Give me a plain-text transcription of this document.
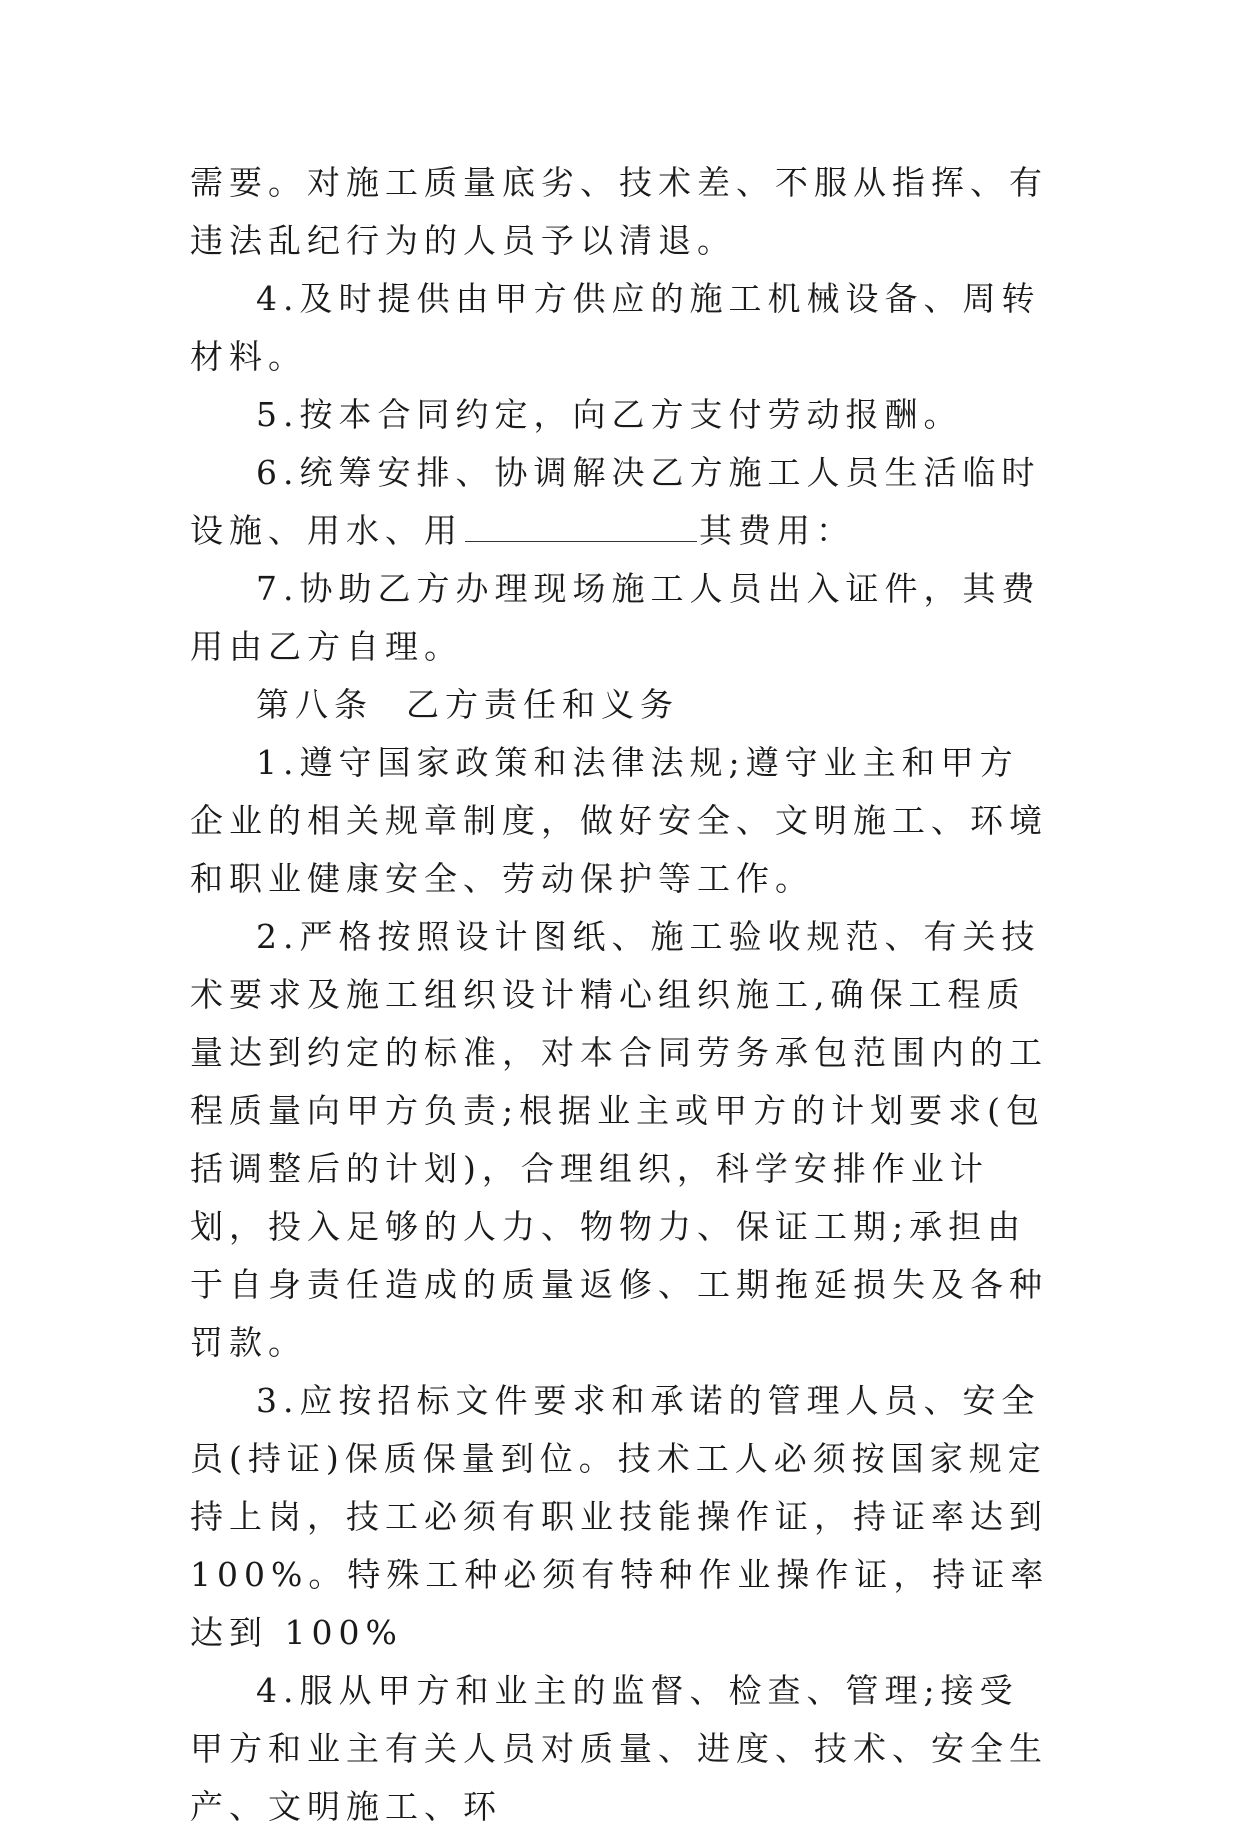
需要。对施工质量底劣、技术差、不服从指挥、有违法乱纪行为的人员予以清退。

4.及时提供由甲方供应的施工机械设备、周转材料。

5.按本合同约定，向乙方支付劳动报酬。

6.统筹安排、协调解决乙方施工人员生活临时设施、用水、用	其费用：

7.协助乙方办理现场施工人员出入证件，其费用由乙方自理。

第八条  乙方责任和义务

1.遵守国家政策和法律法规;遵守业主和甲方企业的相关规章制度，做好安全、文明施工、环境和职业健康安全、劳动保护等工作。

2.严格按照设计图纸、施工验收规范、有关技术要求及施工组织设计精心组织施工,确保工程质量达到约定的标准，对本合同劳务承包范围内的工程质量向甲方负责;根据业主或甲方的计划要求(包括调整后的计划)，合理组织，科学安排作业计划，投入足够的人力、物物力、保证工期;承担由于自身责任造成的质量返修、工期拖延损失及各种罚款。

3.应按招标文件要求和承诺的管理人员、安全员(持证)保质保量到位。技术工人必须按国家规定持上岗，技工必须有职业技能操作证，持证率达到 100%。特殊工种必须有特种作业操作证，持证率达到 100%

4.服从甲方和业主的监督、检查、管理;接受甲方和业主有关人员对质量、进度、技术、安全生产、文明施工、环
